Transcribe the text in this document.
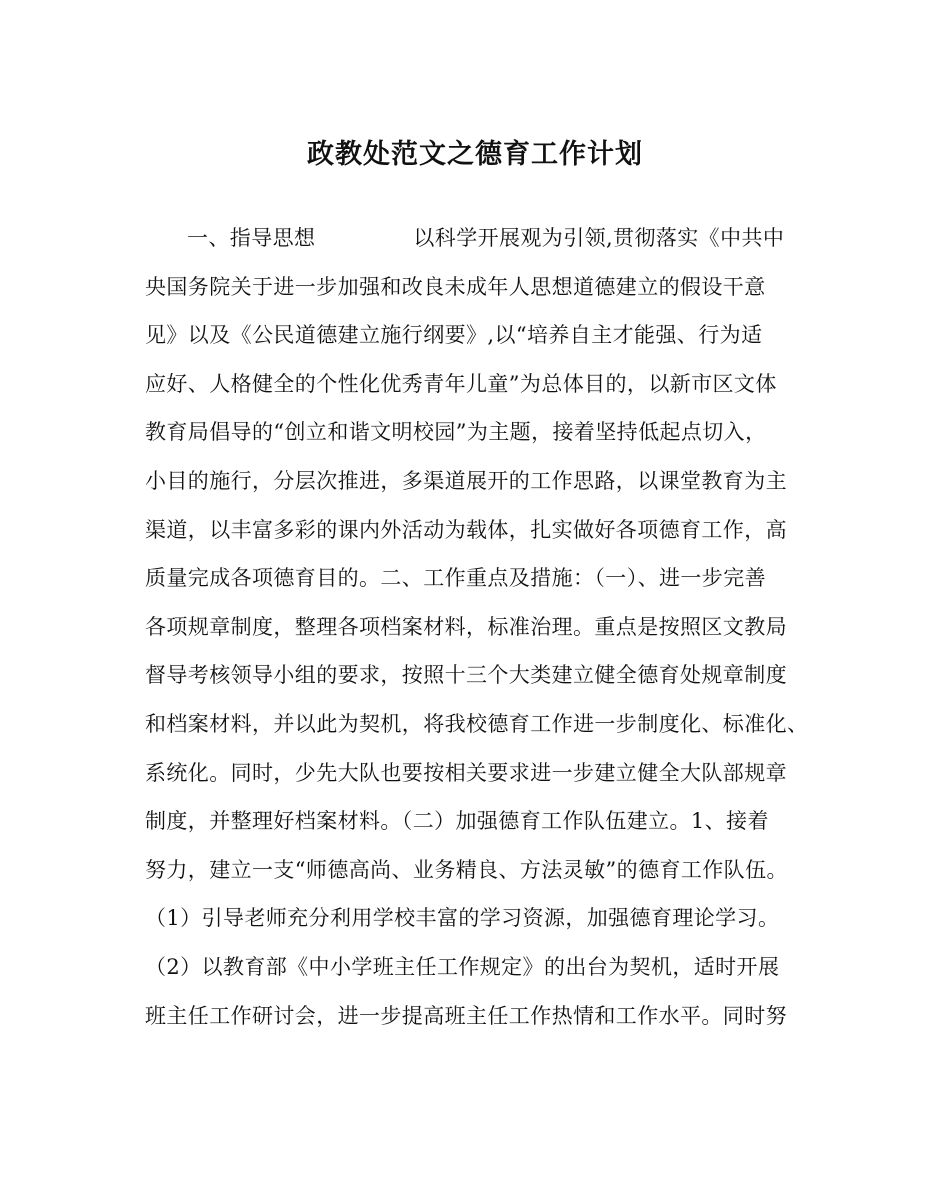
政教处范文之德育工作计划
一、指导思想	以科学开展观为引领,贯彻落实《中共中
央国务院关于进一步加强和改良未成年人思想道德建立的假设干意
见》以及《公民道德建立施行纲要》,以“培养自主才能强、行为适
应好、人格健全的个性化优秀青年儿童”为总体目的，以新市区文体
教育局倡导的“创立和谐文明校园”为主题，接着坚持低起点切入，
小目的施行，分层次推进，多渠道展开的工作思路，以课堂教育为主
渠道，以丰富多彩的课内外活动为载体，扎实做好各项德育工作，高
质量完成各项德育目的。二、工作重点及措施：（一）、进一步完善
各项规章制度，整理各项档案材料，标准治理。重点是按照区文教局
督导考核领导小组的要求，按照十三个大类建立健全德育处规章制度
和档案材料，并以此为契机，将我校德育工作进一步制度化、标准化、
系统化。同时，少先大队也要按相关要求进一步建立健全大队部规章
制度，并整理好档案材料。（二）加强德育工作队伍建立。1、接着
努力，建立一支“师德高尚、业务精良、方法灵敏”的德育工作队伍。
（1）引导老师充分利用学校丰富的学习资源，加强德育理论学习。
（2）以教育部《中小学班主任工作规定》的出台为契机，适时开展
班主任工作研讨会，进一步提高班主任工作热情和工作水平。同时努
